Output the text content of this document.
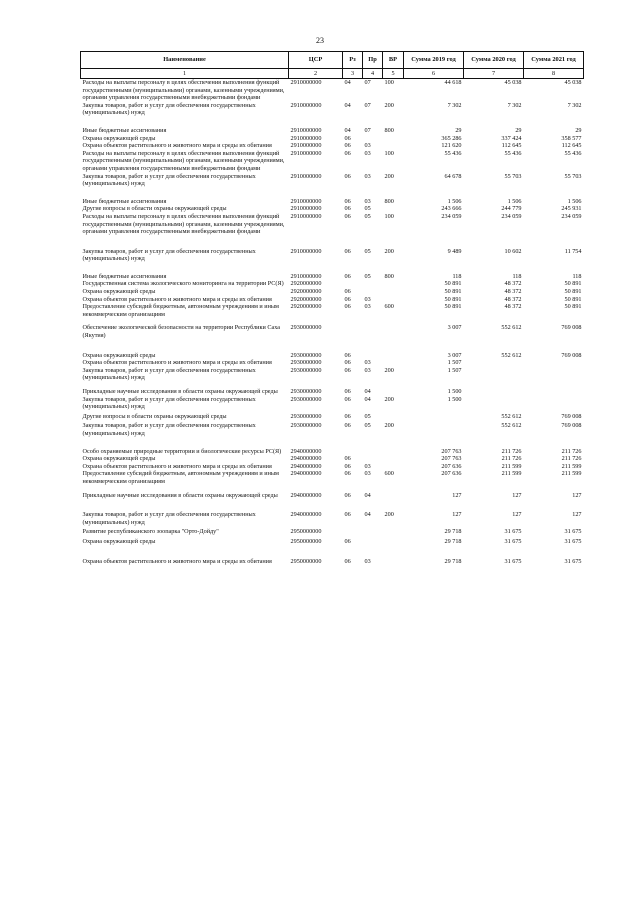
23
Наименование	ЦСР	Рз	Пр	ВР	Сумма 2019 год	Сумма 2020 год	Сумма 2021 год
1	2	3	4	5	6	7	8
Расходы на выплаты персоналу в целях обеспечения выполнения функций государственными (муниципальными) органами, казенными учреждениями, органами управления государственными внебюджетными фондами	2910000000	04	07	100	44 618	45 038	45 038
Закупка товаров, работ и услуг для обеспечения государственных (муниципальных) нужд	2910000000	04	07	200	7 302	7 302	7 302
Иные бюджетные ассигнования	2910000000	04	07	800	29	29	29
Охрана окружающей среды	2910000000	06			365 286	337 424	358 577
Охрана объектов растительного и животного мира и среды их обитания	2910000000	06	03		121 620	112 645	112 645
Расходы на выплаты персоналу в целях обеспечения выполнения функций государственными (муниципальными) органами, казенными учреждениями, органами управления государственными внебюджетными фондами	2910000000	06	03	100	55 436	55 436	55 436
Закупка товаров, работ и услуг для обеспечения государственных (муниципальных) нужд	2910000000	06	03	200	64 678	55 703	55 703
Иные бюджетные ассигнования	2910000000	06	03	800	1 506	1 506	1 506
Другие вопросы в области охраны окружающей среды	2910000000	06	05		243 666	244 779	245 931
Расходы на выплаты персоналу в целях обеспечения выполнения функций государственными (муниципальными) органами, казенными учреждениями, органами управления государственными внебюджетными фондами	2910000000	06	05	100	234 059	234 059	234 059
Закупка товаров, работ и услуг для обеспечения государственных (муниципальных) нужд	2910000000	06	05	200	9 489	10 602	11 754
Иные бюджетные ассигнования	2910000000	06	05	800	118	118	118
Государственная система экологического мониторинга на территории РС(Я)	2920000000				50 891	48 372	50 891
Охрана окружающей среды	2920000000	06			50 891	48 372	50 891
Охрана объектов растительного и животного мира и среды их обитания	2920000000	06	03		50 891	48 372	50 891
Предоставление субсидий бюджетным, автономным учреждениям и иным некоммерческим организациям	2920000000	06	03	600	50 891	48 372	50 891
Обеспечение экологической безопасности на территории Республики Саха (Якутия)	2930000000				3 007	552 612	769 008
Охрана окружающей среды	2930000000	06			3 007	552 612	769 008
Охрана объектов растительного и животного мира и среды их обитания	2930000000	06	03		1 507		
Закупка товаров, работ и услуг для обеспечения государственных (муниципальных) нужд	2930000000	06	03	200	1 507		
Прикладные научные исследования в области охраны окружающей среды	2930000000	06	04		1 500		
Закупка товаров, работ и услуг для обеспечения государственных (муниципальных) нужд	2930000000	06	04	200	1 500		
Другие вопросы в области охраны окружающей среды	2930000000	06	05			552 612	769 008
Закупка товаров, работ и услуг для обеспечения государственных (муниципальных) нужд	2930000000	06	05	200		552 612	769 008
Особо охраняемые природные территории и биологические ресурсы РС(Я)	2940000000				207 763	211 726	211 726
Охрана окружающей среды	2940000000	06			207 763	211 726	211 726
Охрана объектов растительного и животного мира и среды их обитания	2940000000	06	03		207 636	211 599	211 599
Предоставление субсидий бюджетным, автономным учреждениям и иным некоммерческим организациям	2940000000	06	03	600	207 636	211 599	211 599
Прикладные научные исследования в области охраны окружающей среды	2940000000	06	04		127	127	127
Закупка товаров, работ и услуг для обеспечения государственных (муниципальных) нужд	2940000000	06	04	200	127	127	127
Развитие республиканского зоопарка "Орто-Дойду"	2950000000				29 718	31 675	31 675
Охрана окружающей среды	2950000000	06			29 718	31 675	31 675
Охрана объектов растительного и животного мира и среды их обитания	2950000000	06	03		29 718	31 675	31 675
